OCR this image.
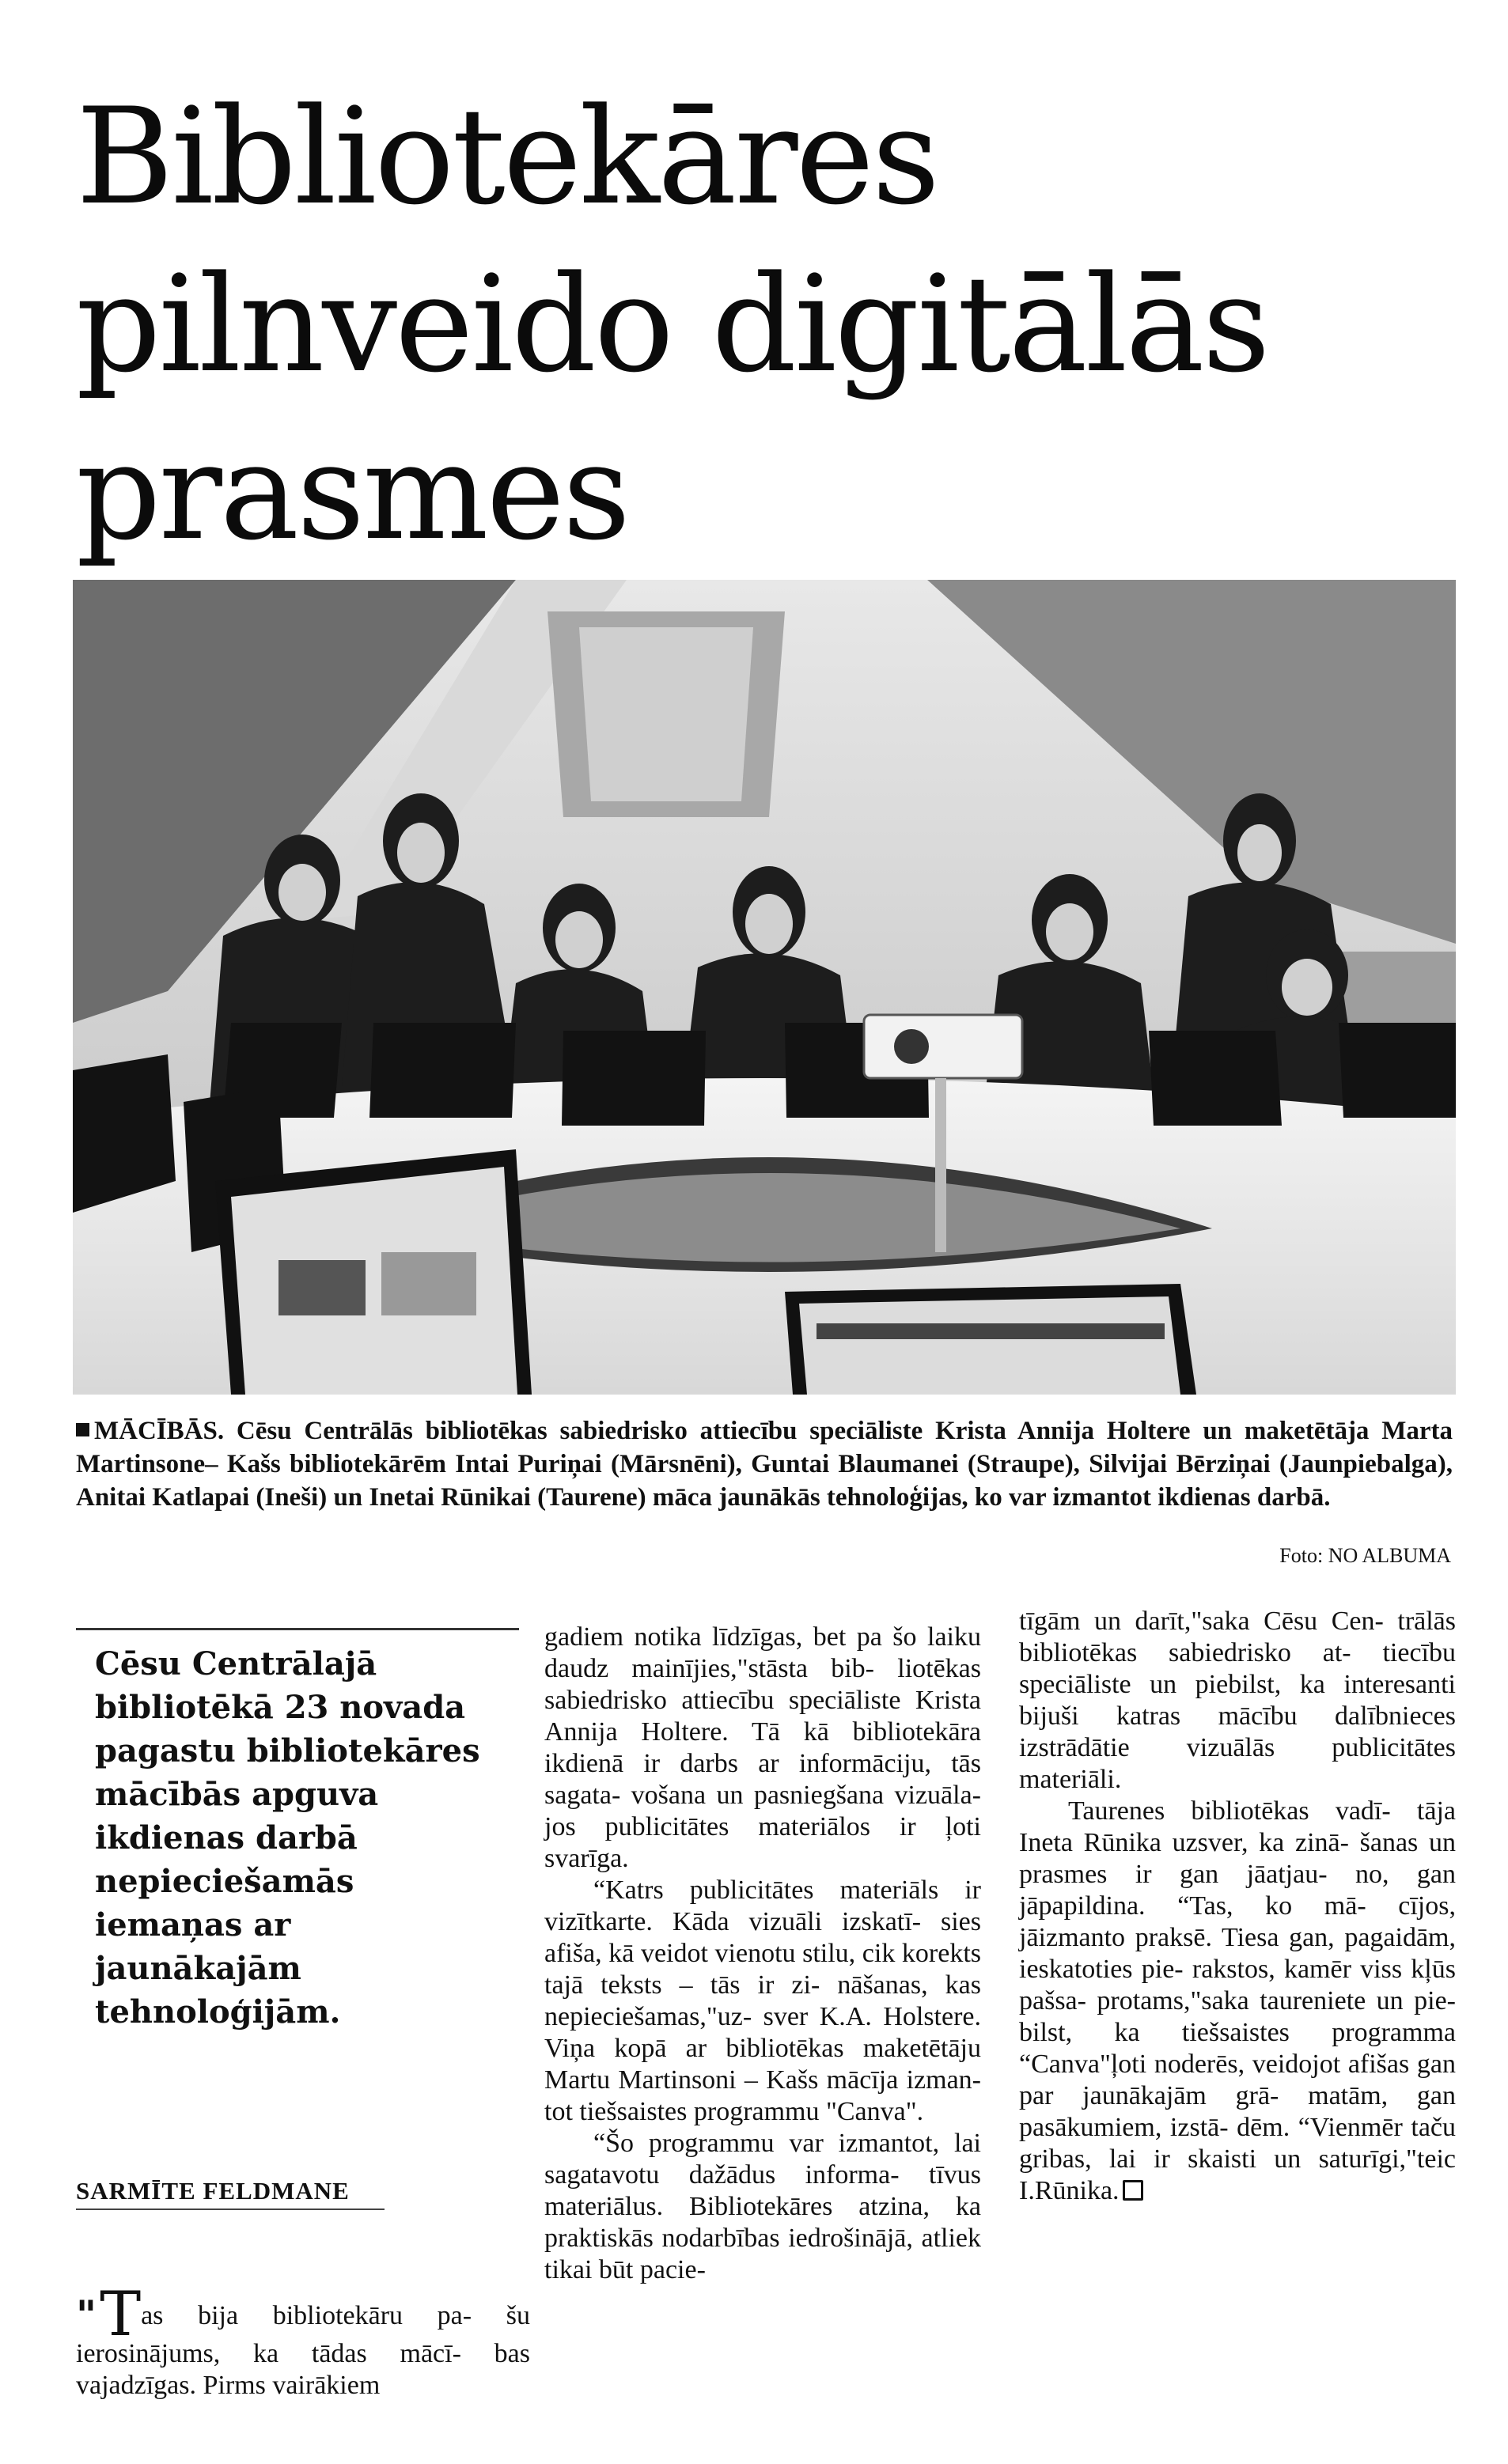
Bibliotekāres
pilnveido digitālās
prasmes

MĀCĪBĀS. Cēsu Centrālās bibliotēkas sabiedrisko attiecību speciāliste Krista Annija Holtere un maketētāja Marta Martinsone– Kašs bibliotekārēm Intai Puriņai (Mārsnēni), Guntai Blaumanei (Straupe), Silvijai Bērziņai (Jaunpiebalga), Anitai Katlapai (Ineši) un Inetai Rūnikai (Taurene) māca jaunākās tehnoloģijas, ko var izmantot ikdienas darbā.

Foto: NO ALBUMA

Cēsu Centrālajā bibliotēkā 23 novada pagastu bibliotekāres mācībās apguva ikdienas darbā nepieciešamās iemaņas ar jaunākajām tehnoloģijām.

SARMĪTE FELDMANE

"Tas bija bibliotekāru pa- šu ierosinājums, ka tādas mācī- bas vajadzīgas. Pirms vairākiem

gadiem notika līdzīgas, bet pa šo laiku daudz mainījies,"stāsta bib- liotēkas sabiedrisko attiecību speciāliste Krista Annija Holtere. Tā kā bibliotekāra ikdienā ir darbs ar informāciju, tās sagata- vošana un pasniegšana vizuāla- jos publicitātes materiālos ir ļoti svarīga.

“Katrs publicitātes materiāls ir vizītkarte. Kāda vizuāli izskatī- sies afiša, kā veidot vienotu stilu, cik korekts tajā teksts – tās ir zi- nāšanas, kas nepieciešamas,"uz- sver K.A. Holstere. Viņa kopā ar bibliotēkas maketētāju Martu Martinsoni – Kašs mācīja izman- tot tiešsaistes programmu "Canva".

“Šo programmu var izmantot, lai sagatavotu dažādus informa- tīvus materiālus. Bibliotekāres atzina, ka praktiskās nodarbības iedrošinājā, atliek tikai būt pacie-

tīgām un darīt,"saka Cēsu Cen- trālās bibliotēkas sabiedrisko at- tiecību speciāliste un piebilst, ka interesanti bijuši katras mācību dalībnieces izstrādātie vizuālās publicitātes materiāli.

Taurenes bibliotēkas vadī- tāja Ineta Rūnika uzsver, ka zinā- šanas un prasmes ir gan jāatjau- no, gan jāpapildina. “Tas, ko mā- cījos, jāizmanto praksē. Tiesa gan, pagaidām, ieskatoties pie- rakstos, kamēr viss kļūs pašsa- protams,"saka taureniete un pie- bilst, ka tiešsaistes programma “Canva"ļoti noderēs, veidojot afišas gan par jaunākajām grā- matām, gan pasākumiem, izstā- dēm. “Vienmēr taču gribas, lai ir skaisti un saturīgi,"teic I.Rūnika.
